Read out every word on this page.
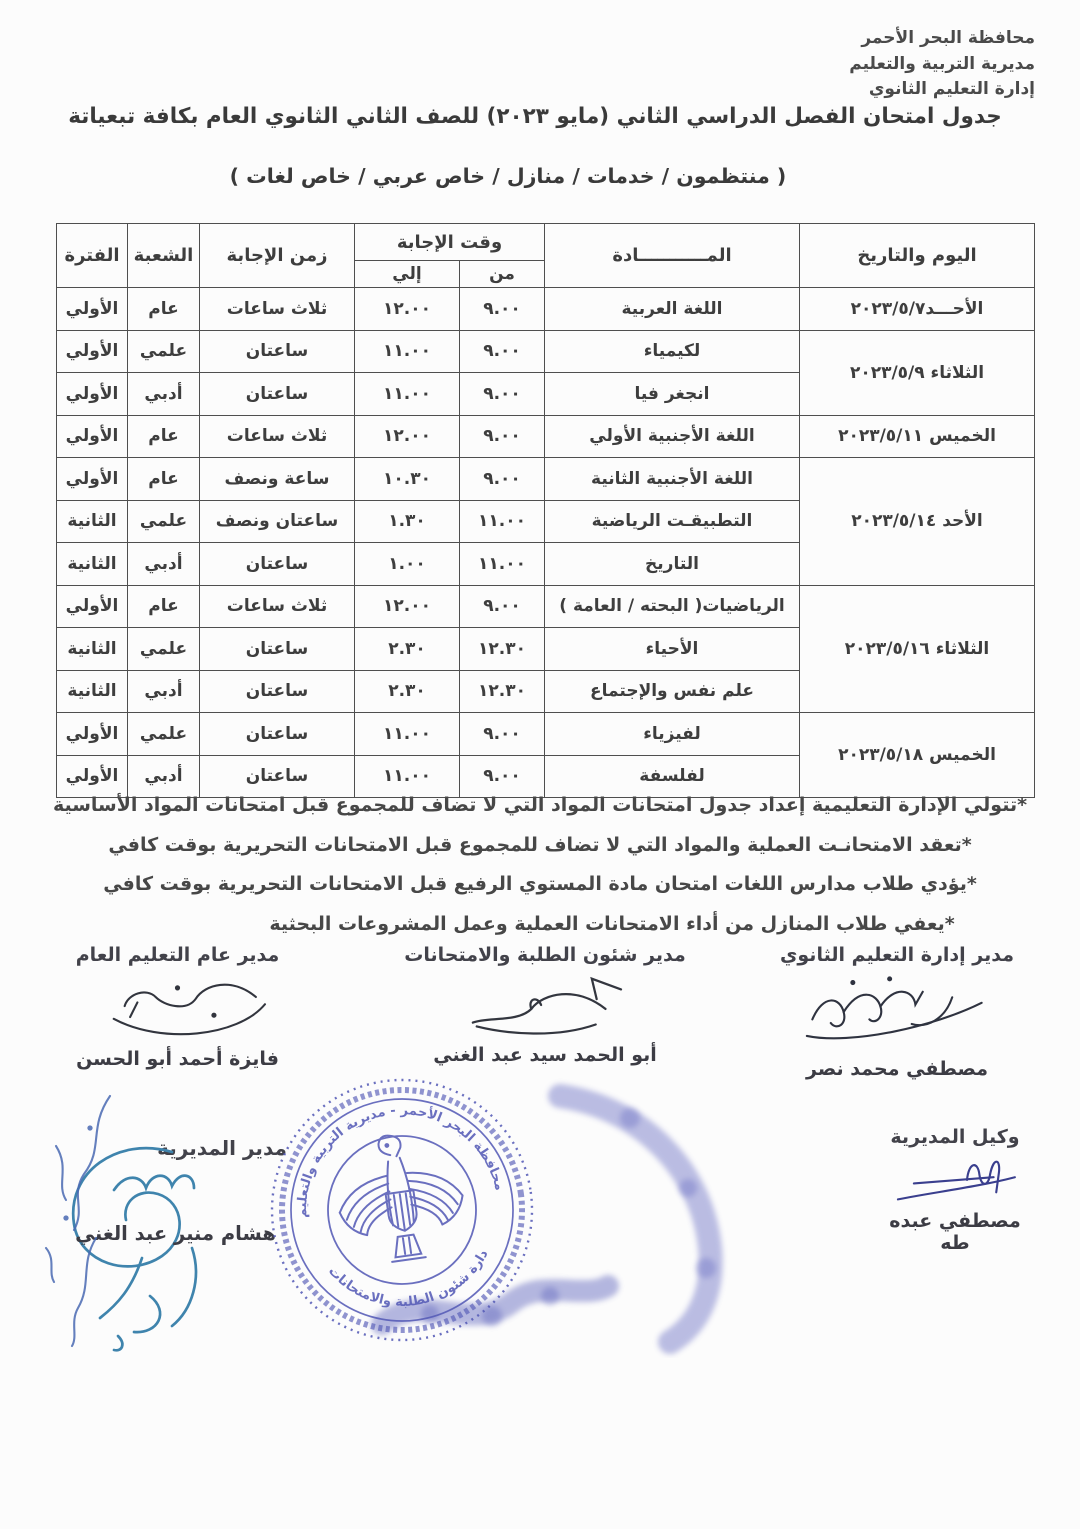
محافظة البحر الأحمر
مديرية التربية والتعليم
إدارة التعليم الثانوي
جدول امتحان الفصل الدراسي الثاني (مايو ٢٠٢٣) للصف الثاني الثانوي العام بكافة تبعياتة
( منتظمون / خدمات / منازل / خاص عربي / خاص لغات )
اليوم والتاريخ	المـــــــــــادة	وقت الإجابة		زمن الإجابة	الشعبة	الفترة
		من	إلي			
الأحـــد٢٠٢٣/٥/٧	اللغة العربية	٩.٠٠	١٢.٠٠	ثلاث ساعات	عام	الأولي
الثلاثاء ٢٠٢٣/٥/٩	لكيمياء	٩.٠٠	١١.٠٠	ساعتان	علمي	الأولي
	انجغر فيا	٩.٠٠	١١.٠٠	ساعتان	أدبي	الأولي
الخميس ٢٠٢٣/٥/١١	اللغة الأجنبية الأولي	٩.٠٠	١٢.٠٠	ثلاث ساعات	عام	الأولي
الأحد ٢٠٢٣/٥/١٤	اللغة الأجنبية الثانية	٩.٠٠	١٠.٣٠	ساعة ونصف	عام	الأولي
	التطبيقـت الرياضية	١١.٠٠	١.٣٠	ساعتان ونصف	علمي	الثانية
	التاريخ	١١.٠٠	١.٠٠	ساعتان	أدبي	الثانية
الثلاثاء ٢٠٢٣/٥/١٦	الرياضيات( البحته / العامة )	٩.٠٠	١٢.٠٠	ثلاث ساعات	عام	الأولي
	الأحياء	١٢.٣٠	٢.٣٠	ساعتان	علمي	الثانية
	علم نفس والإجتماع	١٢.٣٠	٢.٣٠	ساعتان	أدبي	الثانية
الخميس ٢٠٢٣/٥/١٨	لفيزياء	٩.٠٠	١١.٠٠	ساعتان	علمي	الأولي
	لفلسفة	٩.٠٠	١١.٠٠	ساعتان	أدبي	الأولي
*تتولي الإدارة التعليمية إعداد جدول امتحانات المواد التي لا تضاف للمجموع قبل امتحانات المواد الأساسية
*تعقد الامتحانـت العملية والمواد التي لا تضاف للمجموع قبل الامتحانات التحريرية بوقت كافي
*يؤدي طلاب مدارس اللغات امتحان مادة المستوي الرفيع قبل الامتحانات التحريرية بوقت كافي
*يعفي طلاب المنازل من أداء الامتحانات العملية وعمل المشروعات البحثية
مدير إدارة التعليم الثانوي
مصطفي محمد نصر
مدير شئون الطلبة والامتحانات
أبو الحمد سيد عبد الغني
مدير عام التعليم العام
فايزة أحمد أبو الحسن
وكيل المديرية
مصطفي عبده طه
مدير المديرية
هشام منير عبد الغني
محافظة البحر الأحمر - مديرية التربية والتعليم
إدارة شئون الطلبة والامتحانات
